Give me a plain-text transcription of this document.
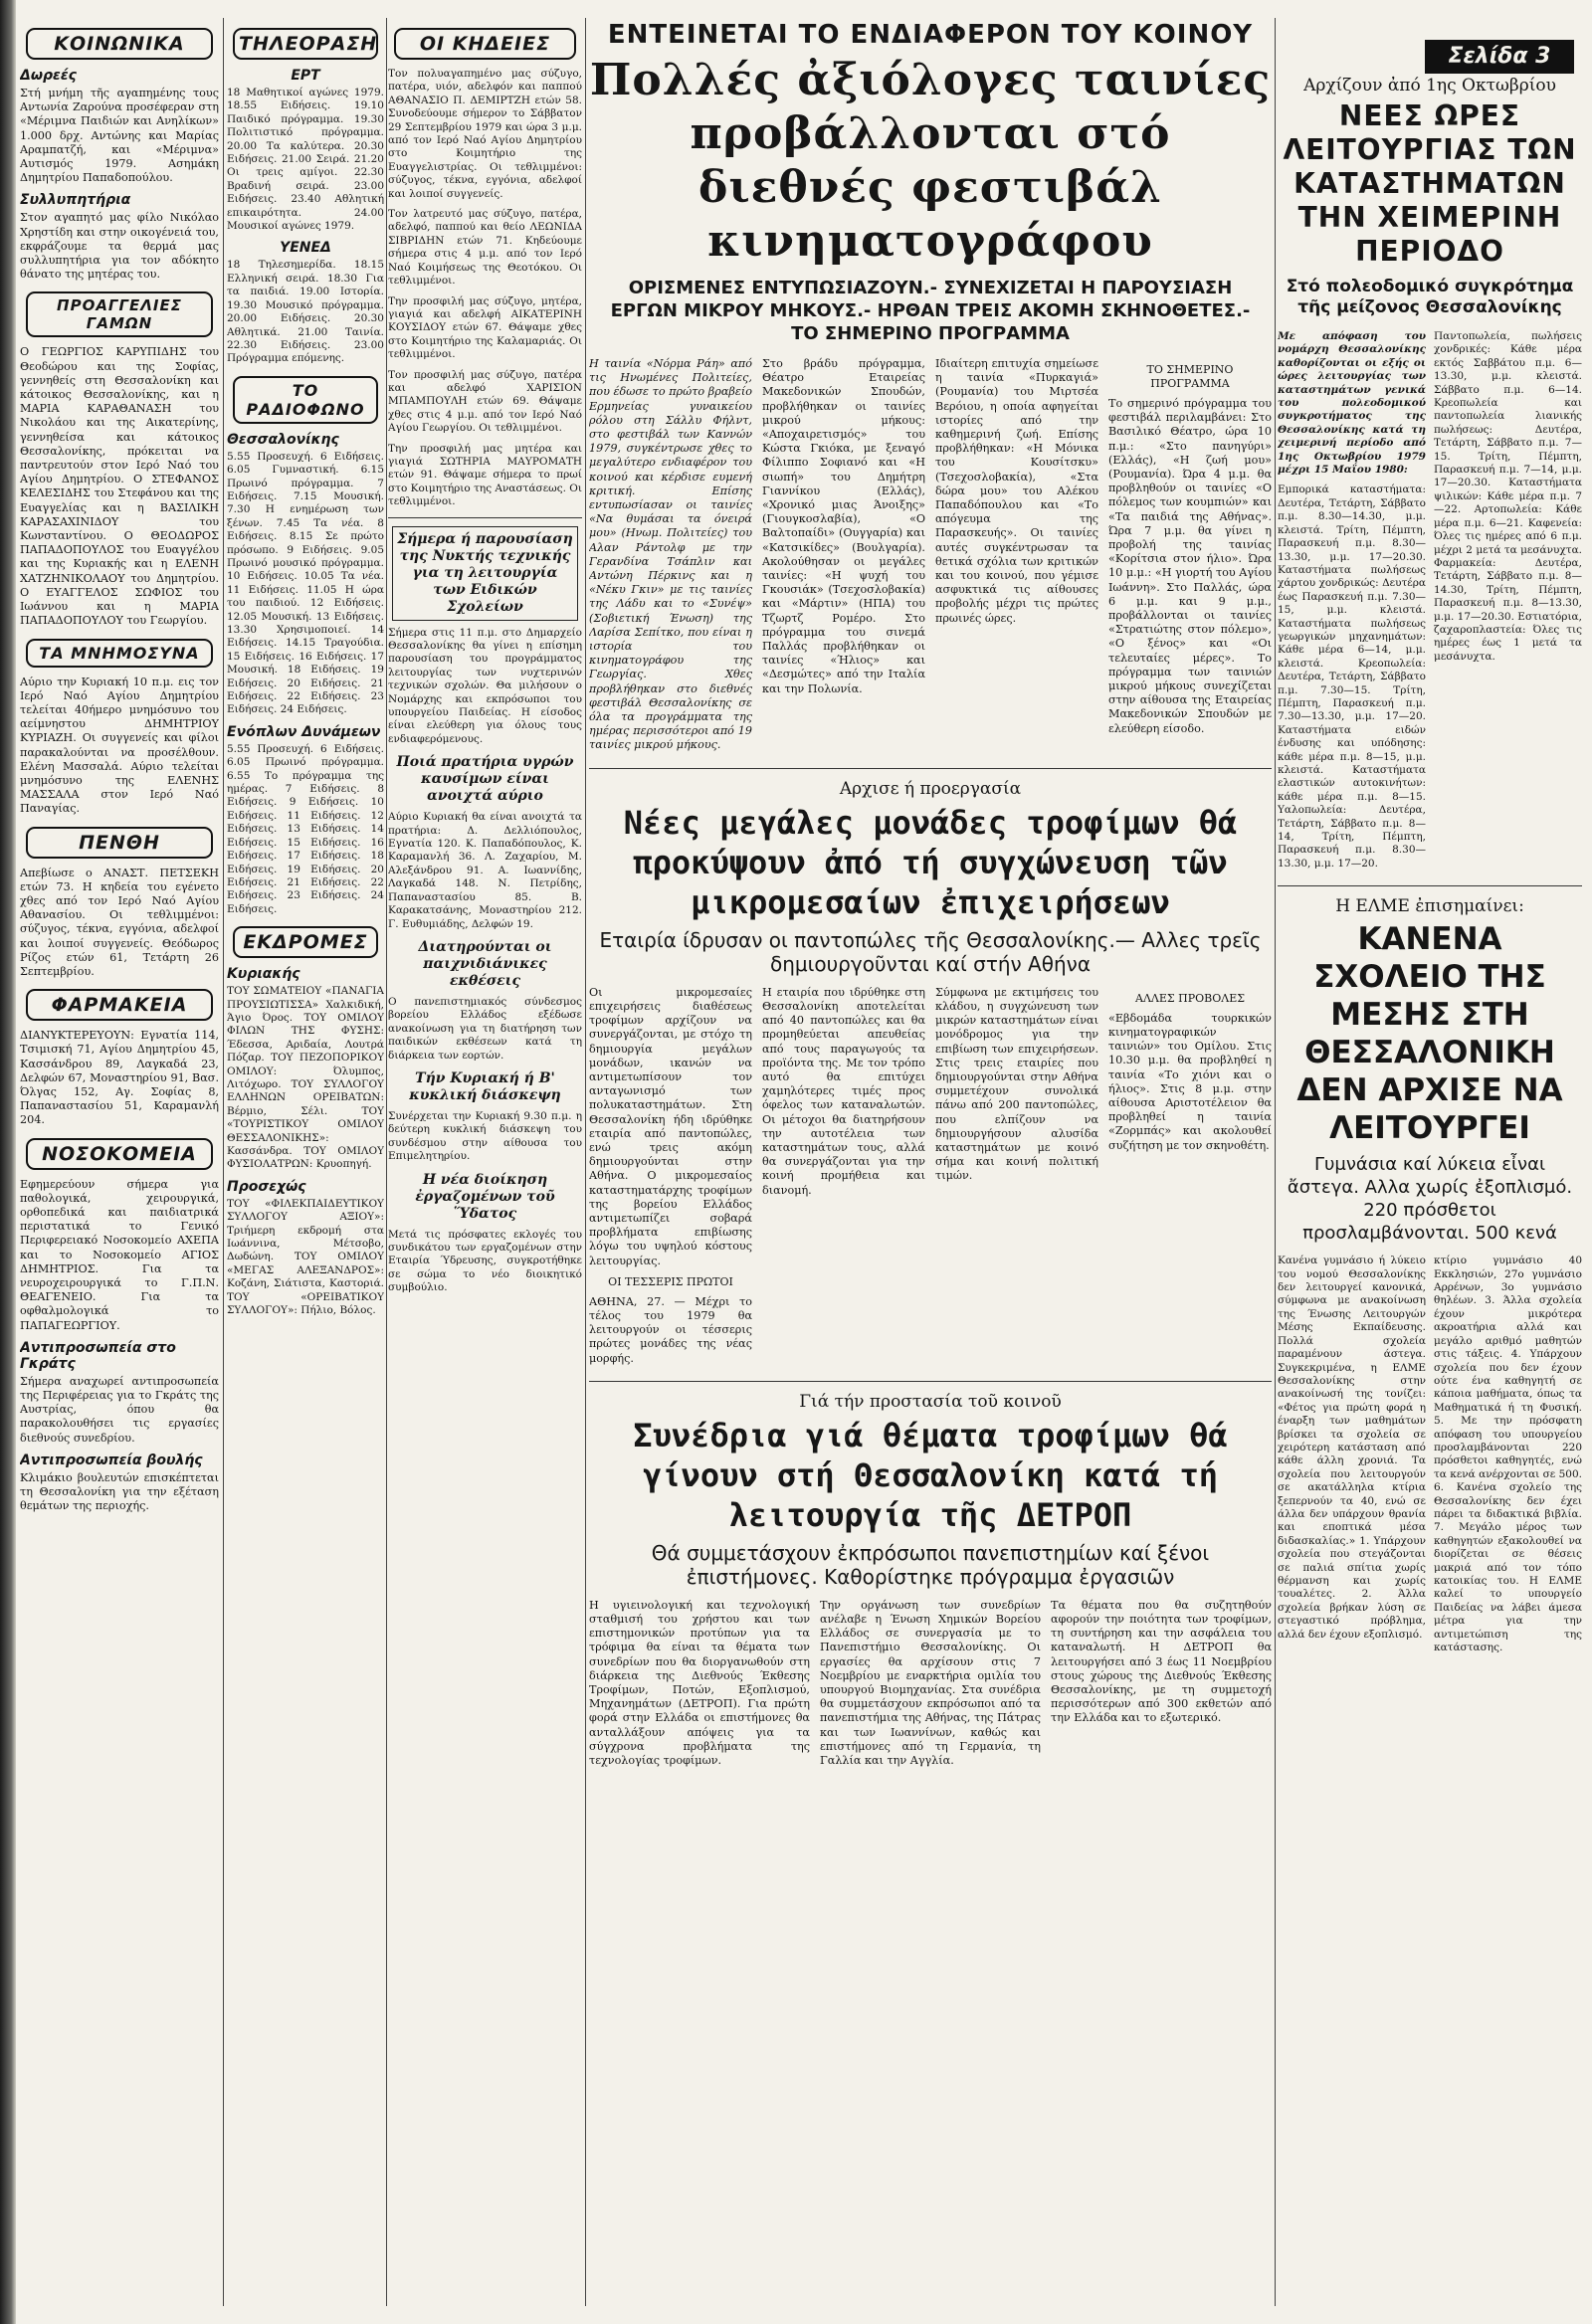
ΚΟΙΝΩΝΙΚΑ
Δωρεές

Στή μνήμη τῆς αγαπημένης τους Αντωνία Ζαρούνα προσέφεραν στη «Μέριμνα Παιδιών και Ανηλίκων» 1.000 δρχ. Αντώνης και Μαρίας Αραμπατζή, και «Μέριμνα» Αυτισμός 1979. Ασημάκη Δημητρίου Παπαδοπούλου.

Συλλυπητήρια

Στον αγαπητό μας φίλο Νικόλαο Χρηστίδη και στην οικογένειά του, εκφράζουμε τα θερμά μας συλλυπητήρια για τον αδόκητο θάνατο της μητέρας του.

ΠΡΟΑΓΓΕΛΙΕΣ ΓΑΜΩΝ

Ο ΓΕΩΡΓΙΟΣ ΚΑΡΥΠΙΔΗΣ του Θεοδώρου και της Σοφίας, γεννηθείς στη Θεσσαλονίκη και κάτοικος Θεσσαλονίκης, και η ΜΑΡΙΑ ΚΑΡΑΘΑΝΑΣΗ του Νικολάου και της Αικατερίνης, γεννηθείσα και κάτοικος Θεσσαλονίκης, πρόκειται να παντρευτούν στον Ιερό Ναό του Αγίου Δημητρίου. Ο ΣΤΕΦΑΝΟΣ ΚΕΛΕΣΙΔΗΣ του Στεφάνου και της Ευαγγελίας και η ΒΑΣΙΛΙΚΗ ΚΑΡΑΣΑΧΙΝΙΔΟΥ του Κωνσταντίνου. Ο ΘΕΟΔΩΡΟΣ ΠΑΠΑΔΟΠΟΥΛΟΣ του Ευαγγέλου και της Κυριακής και η ΕΛΕΝΗ ΧΑΤΖΗΝΙΚΟΛΑΟΥ του Δημητρίου. Ο ΕΥΑΓΓΕΛΟΣ ΣΩΦΙΟΣ του Ιωάννου και η ΜΑΡΙΑ ΠΑΠΑΔΟΠΟΥΛΟΥ του Γεωργίου.

ΤΑ ΜΝΗΜΟΣΥΝΑ

Αύριο την Κυριακή 10 π.μ. εις τον Ιερό Ναό Αγίου Δημητρίου τελείται 40ήμερο μνημόσυνο του αείμνηστου ΔΗΜΗΤΡΙΟΥ ΚΥΡΙΑΖΗ. Οι συγγενείς και φίλοι παρακαλούνται να προσέλθουν. Ελένη Μασσαλά. Αύριο τελείται μνημόσυνο της ΕΛΕΝΗΣ ΜΑΣΣΑΛΑ στον Ιερό Ναό Παναγίας.

ΠΕΝΘΗ

Απεβίωσε ο ΑΝΑΣΤ. ΠΕΤΣΕΚΗ ετών 73. Η κηδεία του εγένετο χθες από τον Ιερό Ναό Αγίου Αθανασίου. Οι τεθλιμμένοι: σύζυγος, τέκνα, εγγόνια, αδελφοί και λοιποί συγγενείς. Θεόδωρος Ρίζος ετών 61, Τετάρτη 26 Σεπτεμβρίου.

ΦΑΡΜΑΚΕΙΑ

ΔΙΑΝΥΚΤΕΡΕΥΟΥΝ: Εγνατία 114, Τσιμισκή 71, Αγίου Δημητρίου 45, Κασσάνδρου 89, Λαγκαδά 23, Δελφών 67, Μοναστηρίου 91, Βασ. Όλγας 152, Αγ. Σοφίας 8, Παπαναστασίου 51, Καραμανλή 204.

ΝΟΣΟΚΟΜΕΙΑ

Εφημερεύουν σήμερα για παθολογικά, χειρουργικά, ορθοπεδικά και παιδιατρικά περιστατικά το Γενικό Περιφερειακό Νοσοκομείο ΑΧΕΠΑ και το Νοσοκομείο ΑΓΙΟΣ ΔΗΜΗΤΡΙΟΣ. Για τα νευροχειρουργικά το Γ.Π.Ν. ΘΕΑΓΕΝΕΙΟ. Για τα οφθαλμολογικά το ΠΑΠΑΓΕΩΡΓΙΟΥ.

Αντιπροσωπεία στο Γκράτς

Σήμερα αναχωρεί αντιπροσωπεία της Περιφέρειας για το Γκράτς της Αυστρίας, όπου θα παρακολουθήσει τις εργασίες διεθνούς συνεδρίου.

Αντιπροσωπεία βουλής

Κλιμάκιο βουλευτών επισκέπτεται τη Θεσσαλονίκη για την εξέταση θεμάτων της περιοχής.

ΤΗΛΕΟΡΑΣΗ
ΕΡΤ

18 Μαθητικοί αγώνες 1979. 18.55 Ειδήσεις. 19.10 Παιδικό πρόγραμμα. 19.30 Πολιτιστικό πρόγραμμα. 20.00 Τα καλύτερα. 20.30 Ειδήσεις. 21.00 Σειρά. 21.20 Οι τρεις αμίγοι. 22.30 Βραδινή σειρά. 23.00 Ειδήσεις. 23.40 Αθλητική επικαιρότητα. 24.00 Μουσικοί αγώνες 1979.

ΥΕΝΕΔ

18 Τηλεσημερίδα. 18.15 Ελληνική σειρά. 18.30 Για τα παιδιά. 19.00 Ιστορία. 19.30 Μουσικό πρόγραμμα. 20.00 Ειδήσεις. 20.30 Αθλητικά. 21.00 Ταινία. 22.30 Ειδήσεις. 23.00 Πρόγραμμα επόμενης.

ΤΟ ΡΑΔΙΟΦΩΝΟ
Θεσσαλονίκης

5.55 Προσευχή. 6 Ειδήσεις. 6.05 Γυμναστική. 6.15 Πρωινό πρόγραμμα. 7 Ειδήσεις. 7.15 Μουσική. 7.30 Η ενημέρωση των ξένων. 7.45 Τα νέα. 8 Ειδήσεις. 8.15 Σε πρώτο πρόσωπο. 9 Ειδήσεις. 9.05 Πρωινό μουσικό πρόγραμμα. 10 Ειδήσεις. 10.05 Τα νέα. 11 Ειδήσεις. 11.05 Η ώρα του παιδιού. 12 Ειδήσεις. 12.05 Μουσική. 13 Ειδήσεις. 13.30 Χρησιμοποιεί. 14 Ειδήσεις. 14.15 Τραγούδια. 15 Ειδήσεις. 16 Ειδήσεις. 17 Μουσική. 18 Ειδήσεις. 19 Ειδήσεις. 20 Ειδήσεις. 21 Ειδήσεις. 22 Ειδήσεις. 23 Ειδήσεις. 24 Ειδήσεις.

Ενόπλων Δυνάμεων

5.55 Προσευχή. 6 Ειδήσεις. 6.05 Πρωινό πρόγραμμα. 6.55 Το πρόγραμμα της ημέρας. 7 Ειδήσεις. 8 Ειδήσεις. 9 Ειδήσεις. 10 Ειδήσεις. 11 Ειδήσεις. 12 Ειδήσεις. 13 Ειδήσεις. 14 Ειδήσεις. 15 Ειδήσεις. 16 Ειδήσεις. 17 Ειδήσεις. 18 Ειδήσεις. 19 Ειδήσεις. 20 Ειδήσεις. 21 Ειδήσεις. 22 Ειδήσεις. 23 Ειδήσεις. 24 Ειδήσεις.

ΕΚΔΡΟΜΕΣ
Κυριακής

ΤΟΥ ΣΩΜΑΤΕΙΟΥ «ΠΑΝΑΓΙΑ ΠΡΟΥΣΙΩΤΙΣΣΑ» Χαλκιδική, Άγιο Όρος. ΤΟΥ ΟΜΙΛΟΥ ΦΙΛΩΝ ΤΗΣ ΦΥΣΗΣ: Έδεσσα, Αριδαία, Λουτρά Πόζαρ. ΤΟΥ ΠΕΖΟΠΟΡΙΚΟΥ ΟΜΙΛΟΥ: Όλυμπος, Λιτόχωρο. ΤΟΥ ΣΥΛΛΟΓΟΥ ΕΛΛΗΝΩΝ ΟΡΕΙΒΑΤΩΝ: Βέρμιο, Σέλι. ΤΟΥ «ΤΟΥΡΙΣΤΙΚΟΥ ΟΜΙΛΟΥ ΘΕΣΣΑΛΟΝΙΚΗΣ»: Κασσάνδρα. ΤΟΥ ΟΜΙΛΟΥ ΦΥΣΙΟΛΑΤΡΩΝ: Κρυοπηγή.

Προσεχώς

ΤΟΥ «ΦΙΛΕΚΠΑΙΔΕΥΤΙΚΟΥ ΣΥΛΛΟΓΟΥ ΑΞΙΟΥ»: Τριήμερη εκδρομή στα Ιωάννινα, Μέτσοβο, Δωδώνη. ΤΟΥ ΟΜΙΛΟΥ «ΜΕΓΑΣ ΑΛΕΞΑΝΔΡΟΣ»: Κοζάνη, Σιάτιστα, Καστοριά. ΤΟΥ «ΟΡΕΙΒΑΤΙΚΟΥ ΣΥΛΛΟΓΟΥ»: Πήλιο, Βόλος.

ΟΙ ΚΗΔΕΙΕΣ

Τον πολυαγαπημένο μας σύζυγο, πατέρα, υιόν, αδελφόν και παππού ΑΘΑΝΑΣΙΟ Π. ΔΕΜΙΡΤΖΗ ετών 58. Συνοδεύουμε σήμερον το Σάββατον 29 Σεπτεμβρίου 1979 και ώρα 3 μ.μ. από τον Ιερό Ναό Αγίου Δημητρίου στο Κοιμητήριο της Ευαγγελιστρίας. Οι τεθλιμμένοι: σύζυγος, τέκνα, εγγόνια, αδελφοί και λοιποί συγγενείς.

Τον λατρευτό μας σύζυγο, πατέρα, αδελφό, παππού και θείο ΛΕΩΝΙΔΑ ΣΙΒΡΙΔΗΝ ετών 71. Κηδεύουμε σήμερα στις 4 μ.μ. από τον Ιερό Ναό Κοιμήσεως της Θεοτόκου. Οι τεθλιμμένοι.

Την προσφιλή μας σύζυγο, μητέρα, γιαγιά και αδελφή ΑΙΚΑΤΕΡΙΝΗ ΚΟΥΣΙΔΟΥ ετών 67. Θάψαμε χθες στο Κοιμητήριο της Καλαμαριάς. Οι τεθλιμμένοι.

Τον προσφιλή μας σύζυγο, πατέρα και αδελφό ΧΑΡΙΣΙΟΝ ΜΠΑΜΠΟΥΛΗ ετών 69. Θάψαμε χθες στις 4 μ.μ. από τον Ιερό Ναό Αγίου Γεωργίου. Οι τεθλιμμένοι.

Την προσφιλή μας μητέρα και γιαγιά ΣΩΤΗΡΙΑ ΜΑΥΡΟΜΑΤΗ ετών 91. Θάψαμε σήμερα το πρωί στο Κοιμητήριο της Αναστάσεως. Οι τεθλιμμένοι.

Σήμερα ή παρουσίαση της Νυκτής τεχνικής για τη λειτουργία των Ειδικών Σχολείων

Σήμερα στις 11 π.μ. στο Δημαρχείο Θεσσαλονίκης θα γίνει η επίσημη παρουσίαση του προγράμματος λειτουργίας των νυχτερινών τεχνικών σχολών. Θα μιλήσουν ο Νομάρχης και εκπρόσωποι του υπουργείου Παιδείας. Η είσοδος είναι ελεύθερη για όλους τους ενδιαφερόμενους.

Ποιά πρατήρια υγρών καυσίμων είναι ανοιχτά αύριο

Αύριο Κυριακή θα είναι ανοιχτά τα πρατήρια: Δ. Δελλιόπουλος, Εγνατία 120. Κ. Παπαδόπουλος, Κ. Καραμανλή 36. Λ. Ζαχαρίου, Μ. Αλεξάνδρου 91. Α. Ιωαννίδης, Λαγκαδά 148. Ν. Πετρίδης, Παπαναστασίου 85. Β. Καρακατσάνης, Μοναστηρίου 212. Γ. Ευθυμιάδης, Δελφών 19.

Διατηρούνται οι παιχνιδιάνικες εκθέσεις

Ο πανεπιστημιακός σύνδεσμος βορείου Ελλάδος εξέδωσε ανακοίνωση για τη διατήρηση των παιδικών εκθέσεων κατά τη διάρκεια των εορτών.

Τήν Κυριακή ή Β' κυκλική διάσκεψη

Συνέρχεται την Κυριακή 9.30 π.μ. η δεύτερη κυκλική διάσκεψη του συνδέσμου στην αίθουσα του Επιμελητηρίου.

Η νέα διοίκηση ἐργαζομένων τοῦ Ὕδατος

Μετά τις πρόσφατες εκλογές του συνδικάτου των εργαζομένων στην Εταιρία Ύδρευσης, συγκροτήθηκε σε σώμα το νέο διοικητικό συμβούλιο.

ΕΝΤΕΙΝΕΤΑΙ ΤΟ ΕΝΔΙΑΦΕΡΟΝ ΤΟΥ ΚΟΙΝΟΥ
Πολλές ἀξιόλογες ταινίες προβάλλονται στό διεθνές φεστιβάλ κινηματογράφου
ΟΡΙΣΜΕΝΕΣ ΕΝΤΥΠΩΣΙΑΖΟΥΝ.- ΣΥΝΕΧΙΖΕΤΑΙ Η ΠΑΡΟΥΣΙΑΣΗ ΕΡΓΩΝ ΜΙΚΡΟΥ ΜΗΚΟΥΣ.- ΗΡΘΑΝ ΤΡΕΙΣ ΑΚΟΜΗ ΣΚΗΝΟΘΕΤΕΣ.- ΤΟ ΣΗΜΕΡΙΝΟ ΠΡΟΓΡΑΜΜΑ

Η ταινία «Νόρμα Ράη» από τις Ηνωμένες Πολιτείες, που έδωσε το πρώτο βραβείο Ερμηνείας γυναικείου ρόλου στη Σάλλυ Φήλντ, στο φεστιβάλ των Καννών 1979, συγκέντρωσε χθες το μεγαλύτερο ενδιαφέρον του κοινού και κέρδισε ευμενή κριτική. Επίσης εντυπωσίασαν οι ταινίες «Να θυμάσαι τα όνειρά μου» (Ηνωμ. Πολιτείες) του Αλαν Ράντολφ με την Γερανδίνα Τσάπλιν και Αντώνη Πέρκινς και η «Νέκυ Γκιν» με τις ταινίες της Λάδυ και το «Συνέψ» (Σοβιετική Ένωση) της Λαρίσα Σεπίτκο, που είναι η ιστορία του κινηματογράφου της Γεωργίας. Χθες προβλήθηκαν στο διεθνές φεστιβάλ Θεσσαλονίκης σε όλα τα προγράμματα της ημέρας περισσότεροι από 19 ταινίες μικρού μήκους.

Στο βράδυ πρόγραμμα, Θέατρο Εταιρείας Μακεδονικών Σπουδών, προβλήθηκαν οι ταινίες μικρού μήκους: «Αποχαιρετισμός» του Κώστα Γκιόκα, με ξεναγό Φίλιππο Σοφιανό και «Η σιωπή» του Δημήτρη Γιαννίκου (Ελλάς), «Χρονικό μιας Άνοιξης» (Γιουγκοσλαβία), «Ο Βαλτοπαίδι» (Ουγγαρία) και «Κατσικίδες» (Βουλγαρία). Ακολούθησαν οι μεγάλες ταινίες: «Η ψυχή του Γκουσιάκ» (Τσεχοσλοβακία) και «Μάρτιν» (ΗΠΑ) του Τζωρτζ Ρομέρο. Στο πρόγραμμα του σινεμά Παλλάς προβλήθηκαν οι ταινίες «Ήλιος» και «Δεσμώτες» από την Ιταλία και την Πολωνία.

Ιδιαίτερη επιτυχία σημείωσε η ταινία «Πυρκαγιά» (Ρουμανία) του Μιρτσέα Βερόιου, η οποία αφηγείται ιστορίες από την καθημερινή ζωή. Επίσης προβλήθηκαν: «Η Μόνικα του Κουσίτσκυ» (Τσεχοσλοβακία), «Στα δώρα μου» του Αλέκου Παπαδόπουλου και «Το απόγευμα της Παρασκευής». Οι ταινίες αυτές συγκέντρωσαν τα θετικά σχόλια των κριτικών και του κοινού, που γέμισε ασφυκτικά τις αίθουσες προβολής μέχρι τις πρώτες πρωινές ώρες.

ΤΟ ΣΗΜΕΡΙΝΟ ΠΡΟΓΡΑΜΜΑ

Το σημερινό πρόγραμμα του φεστιβάλ περιλαμβάνει: Στο Βασιλικό Θέατρο, ώρα 10 π.μ.: «Στο πανηγύρι» (Ελλάς), «Η ζωή μου» (Ρουμανία). Ώρα 4 μ.μ. θα προβληθούν οι ταινίες «Ο πόλεμος των κουμπιών» και «Τα παιδιά της Αθήνας». Ώρα 7 μ.μ. θα γίνει η προβολή της ταινίας «Κορίτσια στον ήλιο». Ώρα 10 μ.μ.: «Η γιορτή του Αγίου Ιωάννη». Στο Παλλάς, ώρα 6 μ.μ. και 9 μ.μ., προβάλλονται οι ταινίες «Στρατιώτης στον πόλεμο», «Ο ξένος» και «Οι τελευταίες μέρες». Το πρόγραμμα των ταινιών μικρού μήκους συνεχίζεται στην αίθουσα της Εταιρείας Μακεδονικών Σπουδών με ελεύθερη είσοδο.

Αρχισε ή προεργασία
Νέες μεγάλες μονάδες τροφίμων θά προκύψουν ἀπό τή συγχώνευση τῶν μικρομεσαίων ἐπιχειρήσεων
Εταιρία ίδρυσαν οι παντοπώλες τῆς Θεσσαλονίκης.— Αλλες τρεῖς δημιουργοῦνται καί στήν Αθήνα

Οι μικρομεσαίες επιχειρήσεις διαθέσεως τροφίμων αρχίζουν να συνεργάζονται, με στόχο τη δημιουργία μεγάλων μονάδων, ικανών να αντιμετωπίσουν τον ανταγωνισμό των πολυκαταστημάτων. Στη Θεσσαλονίκη ήδη ιδρύθηκε εταιρία από παντοπώλες, ενώ τρεις ακόμη δημιουργούνται στην Αθήνα. Ο μικρομεσαίος καταστηματάρχης τροφίμων της βορείου Ελλάδος αντιμετωπίζει σοβαρά προβλήματα επιβίωσης λόγω του υψηλού κόστους λειτουργίας.

ΟΙ ΤΕΣΣΕΡΙΣ ΠΡΩΤΟΙ

ΑΘΗΝΑ, 27. — Μέχρι το τέλος του 1979 θα λειτουργούν οι τέσσερις πρώτες μονάδες της νέας μορφής.

Η εταιρία που ιδρύθηκε στη Θεσσαλονίκη αποτελείται από 40 παντοπώλες και θα προμηθεύεται απευθείας από τους παραγωγούς τα προϊόντα της. Με τον τρόπο αυτό θα επιτύχει χαμηλότερες τιμές προς όφελος των καταναλωτών. Οι μέτοχοι θα διατηρήσουν την αυτοτέλεια των καταστημάτων τους, αλλά θα συνεργάζονται για την κοινή προμήθεια και διανομή.

Σύμφωνα με εκτιμήσεις του κλάδου, η συγχώνευση των μικρών καταστημάτων είναι μονόδρομος για την επιβίωση των επιχειρήσεων. Στις τρεις εταιρίες που δημιουργούνται στην Αθήνα συμμετέχουν συνολικά πάνω από 200 παντοπώλες, που ελπίζουν να δημιουργήσουν αλυσίδα καταστημάτων με κοινό σήμα και κοινή πολιτική τιμών.

ΑΛΛΕΣ ΠΡΟΒΟΛΕΣ

«Εβδομάδα τουρκικών κινηματογραφικών ταινιών» του Ομίλου. Στις 10.30 μ.μ. θα προβληθεί η ταινία «Το χιόνι και ο ήλιος». Στις 8 μ.μ. στην αίθουσα Αριστοτέλειον θα προβληθεί η ταινία «Ζορμπάς» και ακολουθεί συζήτηση με τον σκηνοθέτη.

Γιά τήν προστασία τοῦ κοινοῦ
Συνέδρια γιά θέματα τροφίμων θά γίνουν στή Θεσσαλονίκη κατά τή λειτουργία τῆς ΔΕΤΡΟΠ
Θά συμμετάσχουν ἐκπρόσωποι πανεπιστημίων καί ξένοι ἐπιστήμονες. Καθορίστηκε πρόγραμμα ἐργασιῶν

Η υγιεινολογική και τεχνολογική σταθμισή του χρήστου και των επιστημονικών προτύπων για τα τρόφιμα θα είναι τα θέματα των συνεδρίων που θα διοργανωθούν στη διάρκεια της Διεθνούς Έκθεσης Τροφίμων, Ποτών, Εξοπλισμού, Μηχανημάτων (ΔΕΤΡΟΠ). Για πρώτη φορά στην Ελλάδα οι επιστήμονες θα ανταλλάξουν απόψεις για τα σύγχρονα προβλήματα της τεχνολογίας τροφίμων.

Την οργάνωση των συνεδρίων ανέλαβε η Ένωση Χημικών Βορείου Ελλάδος σε συνεργασία με το Πανεπιστήμιο Θεσσαλονίκης. Οι εργασίες θα αρχίσουν στις 7 Νοεμβρίου με εναρκτήρια ομιλία του υπουργού Βιομηχανίας. Στα συνέδρια θα συμμετάσχουν εκπρόσωποι από τα πανεπιστήμια της Αθήνας, της Πάτρας και των Ιωαννίνων, καθώς και επιστήμονες από τη Γερμανία, τη Γαλλία και την Αγγλία.

Τα θέματα που θα συζητηθούν αφορούν την ποιότητα των τροφίμων, τη συντήρηση και την ασφάλεια του καταναλωτή. Η ΔΕΤΡΟΠ θα λειτουργήσει από 3 έως 11 Νοεμβρίου στους χώρους της Διεθνούς Έκθεσης Θεσσαλονίκης, με τη συμμετοχή περισσότερων από 300 εκθετών από την Ελλάδα και το εξωτερικό.

Σελίδα 3
Αρχίζουν ἀπό 1ης Οκτωβρίου
ΝΕΕΣ ΩΡΕΣ ΛΕΙΤΟΥΡΓΙΑΣ ΤΩΝ ΚΑΤΑΣΤΗΜΑΤΩΝ ΤΗΝ ΧΕΙΜΕΡΙΝΗ ΠΕΡΙΟΔΟ
Στό πολεοδομικό συγκρότημα τῆς μείζονος Θεσσαλονίκης

Με απόφαση του νομάρχη Θεσσαλονίκης καθορίζονται οι εξής οι ώρες λειτουργίας των καταστημάτων γενικά του πολεοδομικού συγκροτήματος της Θεσσαλονίκης κατά τη χειμερινή περίοδο από 1ης Οκτωβρίου 1979 μέχρι 15 Μαΐου 1980:

Εμπορικά καταστήματα: Δευτέρα, Τετάρτη, Σάββατο π.μ. 8.30—14.30, μ.μ. κλειστά. Τρίτη, Πέμπτη, Παρασκευή π.μ. 8.30—13.30, μ.μ. 17—20.30. Καταστήματα πωλήσεως χάρτου χονδρικώς: Δευτέρα έως Παρασκευή π.μ. 7.30—15, μ.μ. κλειστά. Καταστήματα πωλήσεως γεωργικών μηχανημάτων: Κάθε μέρα 6—14, μ.μ. κλειστά. Κρεοπωλεία: Δευτέρα, Τετάρτη, Σάββατο π.μ. 7.30—15. Τρίτη, Πέμπτη, Παρασκευή π.μ. 7.30—13.30, μ.μ. 17—20. Καταστήματα ειδών ένδυσης και υπόδησης: κάθε μέρα π.μ. 8—15, μ.μ. κλειστά. Καταστήματα ελαστικών αυτοκινήτων: κάθε μέρα π.μ. 8—15. Υαλοπωλεία: Δευτέρα, Τετάρτη, Σάββατο π.μ. 8—14, Τρίτη, Πέμπτη, Παρασκευή π.μ. 8.30—13.30, μ.μ. 17—20.

Παντοπωλεία, πωλήσεις χονδρικές: Κάθε μέρα εκτός Σαββάτου π.μ. 6—13.30, μ.μ. κλειστά. Σάββατο π.μ. 6—14. Κρεοπωλεία και παντοπωλεία λιανικής πωλήσεως: Δευτέρα, Τετάρτη, Σάββατο π.μ. 7—15. Τρίτη, Πέμπτη, Παρασκευή π.μ. 7—14, μ.μ. 17—20.30. Καταστήματα ψιλικών: Κάθε μέρα π.μ. 7—22. Αρτοπωλεία: Κάθε μέρα π.μ. 6—21. Καφενεία: Όλες τις ημέρες από 6 π.μ. μέχρι 2 μετά τα μεσάνυχτα. Φαρμακεία: Δευτέρα, Τετάρτη, Σάββατο π.μ. 8—14.30, Τρίτη, Πέμπτη, Παρασκευή π.μ. 8—13.30, μ.μ. 17—20.30. Εστιατόρια, ζαχαροπλαστεία: Όλες τις ημέρες έως 1 μετά τα μεσάνυχτα.

Η ΕΛΜΕ ἐπισημαίνει:
ΚΑΝΕΝΑ ΣΧΟΛΕΙΟ ΤΗΣ ΜΕΣΗΣ ΣΤΗ ΘΕΣΣΑΛΟΝΙΚΗ ΔΕΝ ΑΡΧΙΣΕ ΝΑ ΛΕΙΤΟΥΡΓΕΙ
Γυμνάσια καί λύκεια εἶναι ἄστεγα. Αλλα χωρίς ἐξοπλισμό. 220 πρόσθετοι προσλαμβάνονται. 500 κενά

Κανένα γυμνάσιο ή λύκειο του νομού Θεσσαλονίκης δεν λειτουργεί κανονικά, σύμφωνα με ανακοίνωση της Ένωσης Λειτουργών Μέσης Εκπαίδευσης. Πολλά σχολεία παραμένουν άστεγα. Συγκεκριμένα, η ΕΛΜΕ Θεσσαλονίκης στην ανακοίνωσή της τονίζει: «Φέτος για πρώτη φορά η έναρξη των μαθημάτων βρίσκει τα σχολεία σε χειρότερη κατάσταση από κάθε άλλη χρονιά. Τα σχολεία που λειτουργούν σε ακατάλληλα κτίρια ξεπερνούν τα 40, ενώ σε άλλα δεν υπάρχουν θρανία και εποπτικά μέσα διδασκαλίας.» 1. Υπάρχουν σχολεία που στεγάζονται σε παλιά σπίτια χωρίς θέρμανση και χωρίς τουαλέτες. 2. Άλλα σχολεία βρήκαν λύση σε στεγαστικό πρόβλημα, αλλά δεν έχουν εξοπλισμό.

κτίριο γυμνάσιο 40 Εκκλησιών, 27ο γυμνάσιο Αρρένων, 3ο γυμνάσιο θηλέων. 3. Άλλα σχολεία έχουν μικρότερα ακροατήρια αλλά και μεγάλο αριθμό μαθητών στις τάξεις. 4. Υπάρχουν σχολεία που δεν έχουν ούτε ένα καθηγητή σε κάποια μαθήματα, όπως τα Μαθηματικά ή τη Φυσική. 5. Με την πρόσφατη απόφαση του υπουργείου προσλαμβάνονται 220 πρόσθετοι καθηγητές, ενώ τα κενά ανέρχονται σε 500. 6. Κανένα σχολείο της Θεσσαλονίκης δεν έχει πάρει τα διδακτικά βιβλία. 7. Μεγάλο μέρος των καθηγητών εξακολουθεί να διορίζεται σε θέσεις μακριά από τον τόπο κατοικίας του. Η ΕΛΜΕ καλεί το υπουργείο Παιδείας να λάβει άμεσα μέτρα για την αντιμετώπιση της κατάστασης.
